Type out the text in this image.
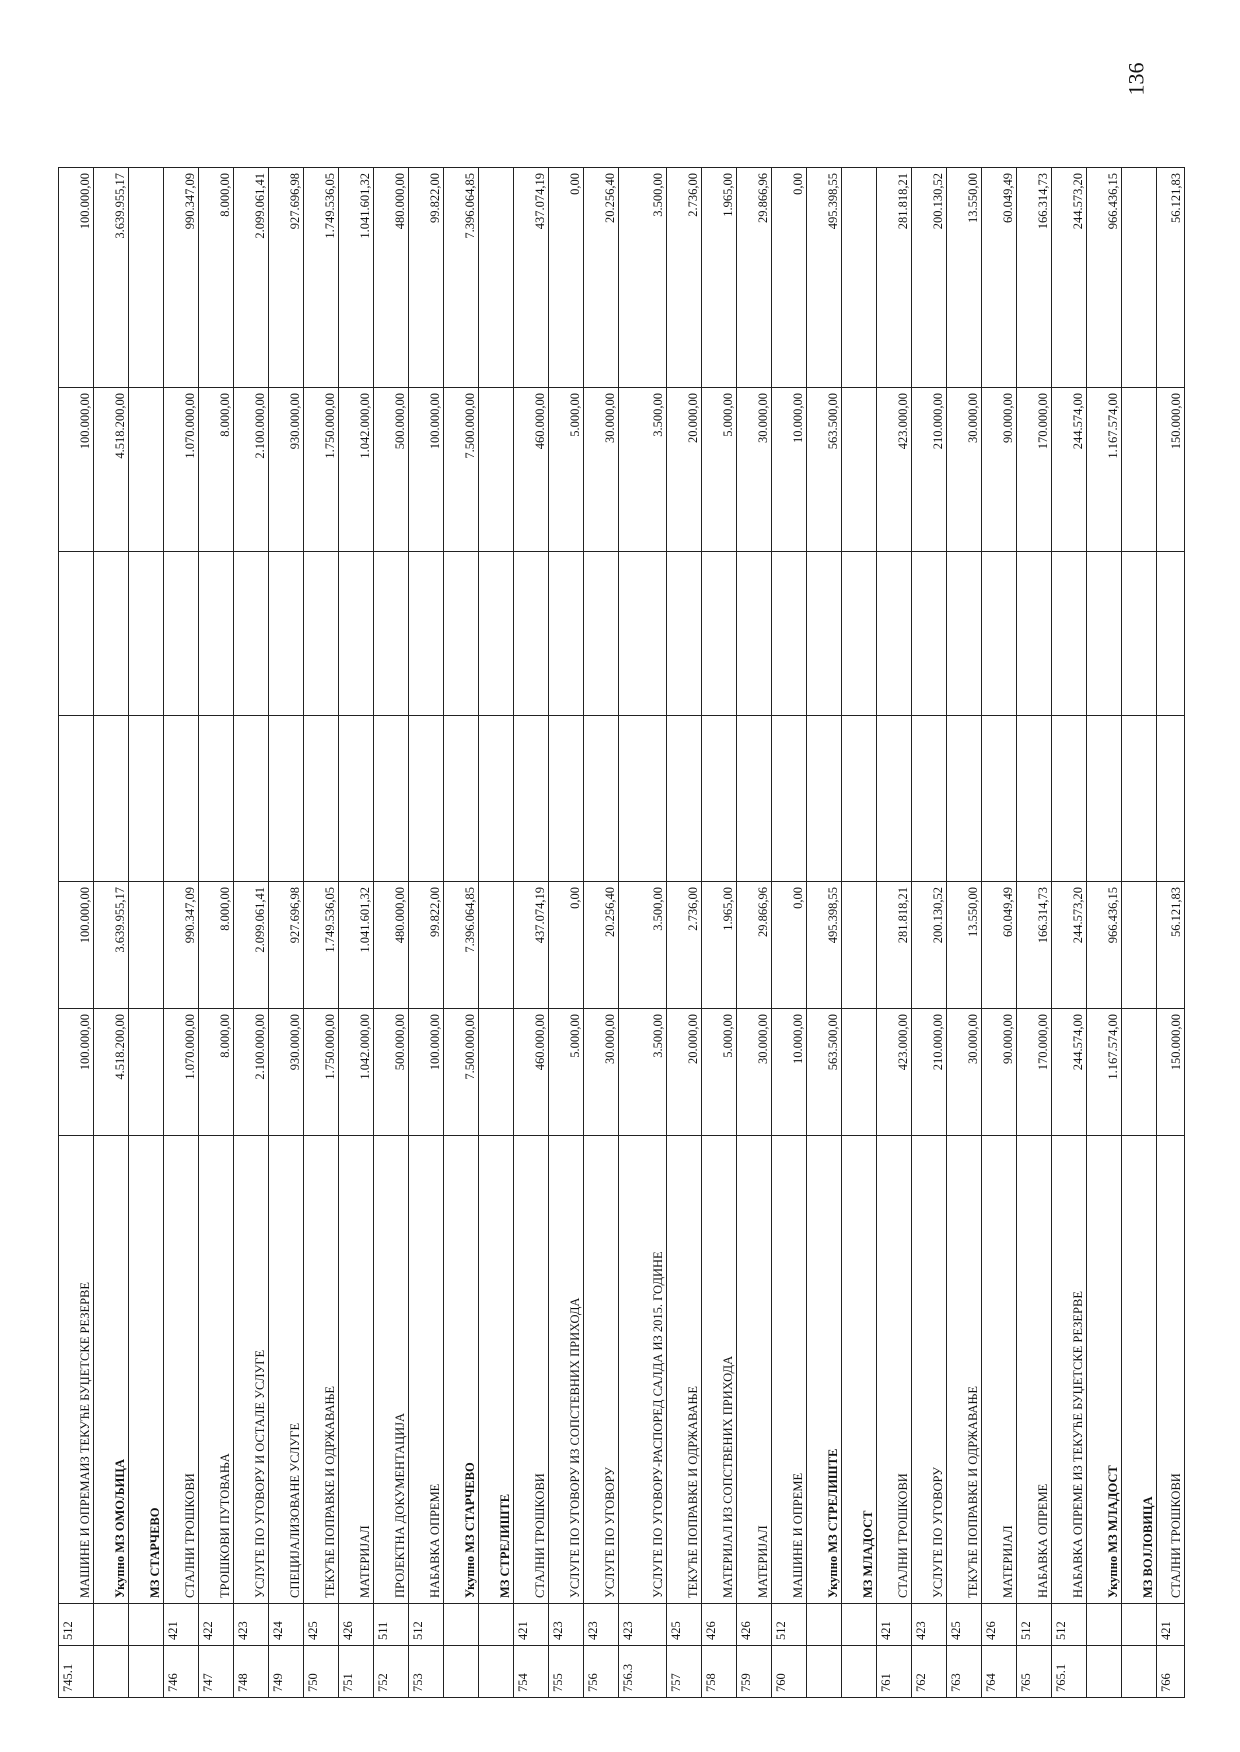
745.1	512	МАШИНЕ И ОПРЕМАИЗ ТЕКУЋЕ БУЏЕТСКЕ РЕЗЕРВЕ	100.000,00	100.000,00			100.000,00	100.000,00
		Укупно МЗ ОМОЉИЦА	4.518.200,00	3.639.955,17			4.518.200,00	3.639.955,17
		МЗ СТАРЧЕВО						
746	421	СТАЛНИ ТРОШКОВИ	1.070.000,00	990.347,09			1.070.000,00	990.347,09
747	422	ТРОШКОВИ ПУТОВАЊА	8.000,00	8.000,00			8.000,00	8.000,00
748	423	УСЛУГЕ ПО УГОВОРУ И ОСТАЛЕ УСЛУГЕ	2.100.000,00	2.099.061,41			2.100.000,00	2.099.061,41
749	424	СПЕЦИЈАЛИЗОВАНЕ УСЛУГЕ	930.000,00	927.696,98			930.000,00	927.696,98
750	425	ТЕКУЋЕ ПОПРАВКЕ И ОДРЖАВАЊЕ	1.750.000,00	1.749.536,05			1.750.000,00	1.749.536,05
751	426	МАТЕРИЈАЛ	1.042.000,00	1.041.601,32			1.042.000,00	1.041.601,32
752	511	ПРОЈЕКТНА ДОКУМЕНТАЦИЈА	500.000,00	480.000,00			500.000,00	480.000,00
753	512	НАБАВКА ОПРЕМЕ	100.000,00	99.822,00			100.000,00	99.822,00
		Укупно МЗ СТАРЧЕВО	7.500.000,00	7.396.064,85			7.500.000,00	7.396.064,85
		МЗ СТРЕЛИШТЕ						
754	421	СТАЛНИ ТРОШКОВИ	460.000,00	437.074,19			460.000,00	437.074,19
755	423	УСЛУГЕ ПО УГОВОРУ ИЗ СОПСТЕВНИХ ПРИХОДА	5.000,00	0,00			5.000,00	0,00
756	423	УСЛУГЕ ПО УГОВОРУ	30.000,00	20.256,40			30.000,00	20.256,40
756.3	423	УСЛУГЕ ПО УГОВОРУ-РАСПОРЕД САЛДА ИЗ 2015. ГОДИНЕ	3.500,00	3.500,00			3.500,00	3.500,00
757	425	ТЕКУЋЕ ПОПРАВКЕ И ОДРЖАВАЊЕ	20.000,00	2.736,00			20.000,00	2.736,00
758	426	МАТЕРИЈАЛ ИЗ СОПСТВЕНИХ ПРИХОДА	5.000,00	1.965,00			5.000,00	1.965,00
759	426	МАТЕРИЈАЛ	30.000,00	29.866,96			30.000,00	29.866,96
760	512	МАШИНЕ И ОПРЕМЕ	10.000,00	0,00			10.000,00	0,00
		Укупно МЗ СТРЕЛИШТЕ	563.500,00	495.398,55			563.500,00	495.398,55
		МЗ МЛАДОСТ						
761	421	СТАЛНИ ТРОШКОВИ	423.000,00	281.818,21			423.000,00	281.818,21
762	423	УСЛУГЕ ПО УГОВОРУ	210.000,00	200.130,52			210.000,00	200.130,52
763	425	ТЕКУЋЕ ПОПРАВКЕ И ОДРЖАВАЊЕ	30.000,00	13.550,00			30.000,00	13.550,00
764	426	МАТЕРИЈАЛ	90.000,00	60.049,49			90.000,00	60.049,49
765	512	НАБАВКА ОПРЕМЕ	170.000,00	166.314,73			170.000,00	166.314,73
765.1	512	НАБАВКА ОПРЕМЕ ИЗ ТЕКУЋЕ БУЏЕТСКЕ РЕЗЕРВЕ	244.574,00	244.573,20			244.574,00	244.573,20
		Укупно МЗ МЛАДОСТ	1.167.574,00	966.436,15			1.167.574,00	966.436,15
		МЗ ВОЈЛОВИЦА						
766	421	СТАЛНИ ТРОШКОВИ	150.000,00	56.121,83			150.000,00	56.121,83
136
